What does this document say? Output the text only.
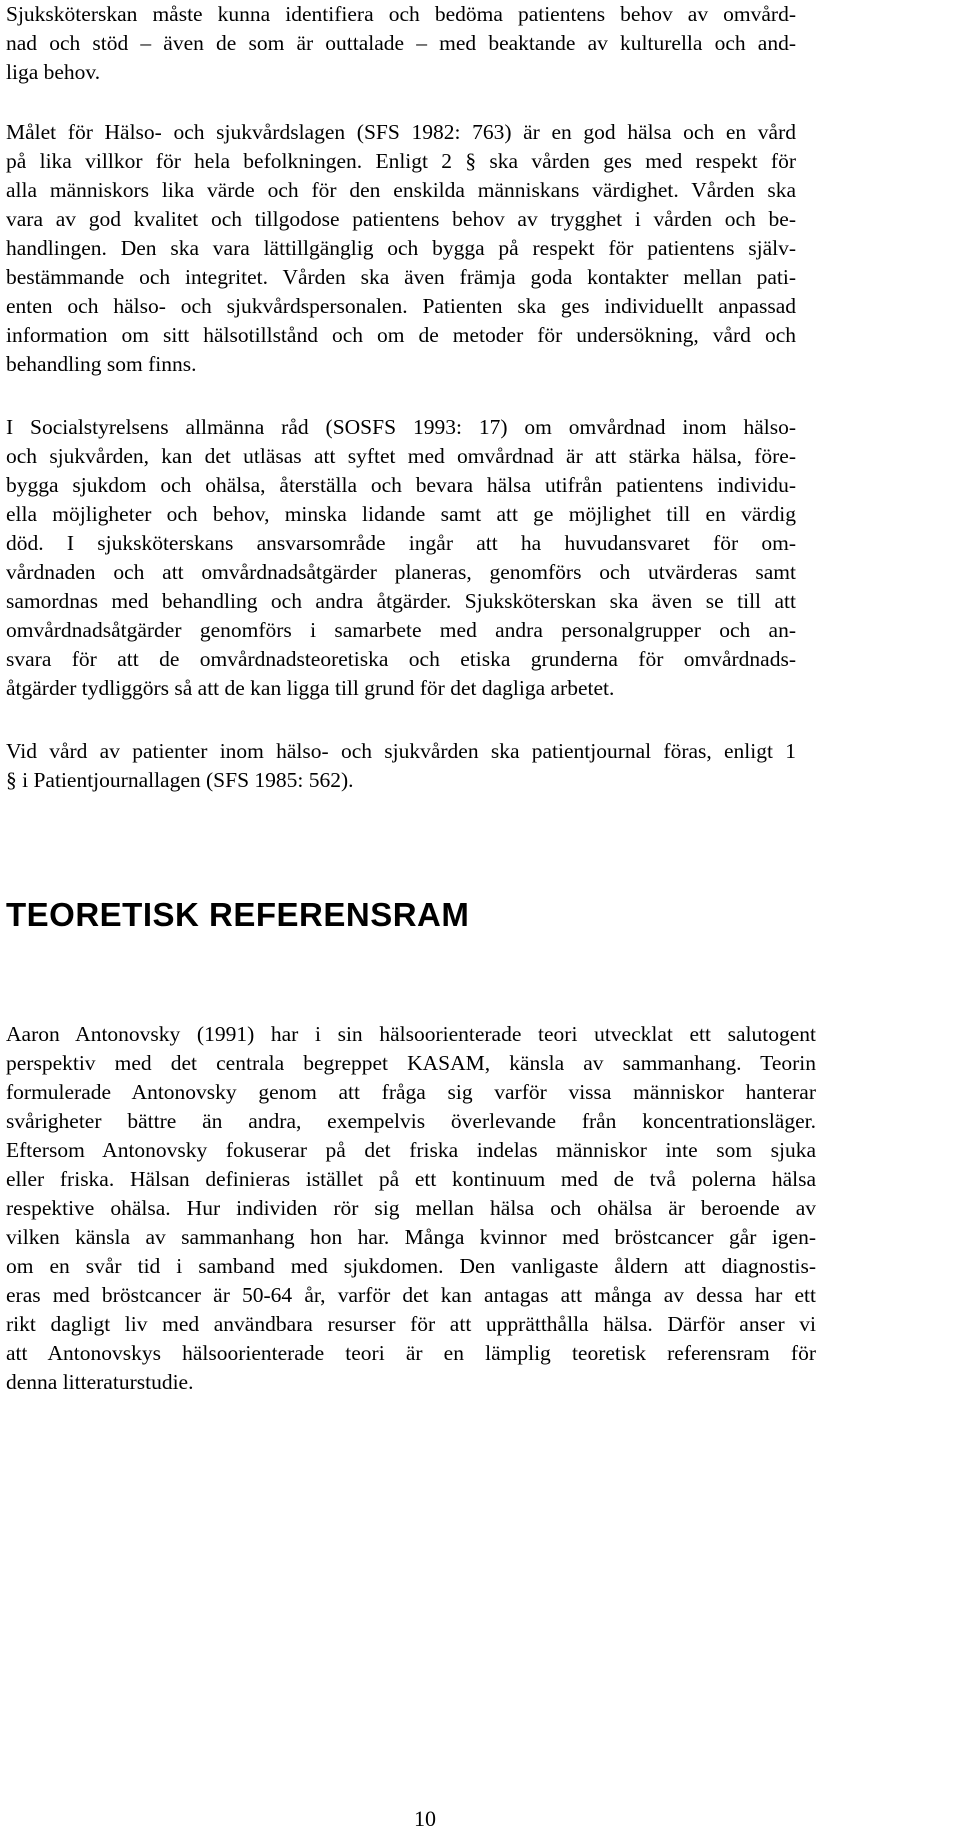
Sjuksköterskan måste kunna identifiera och bedöma patientens behov av omvård-
nad och stöd – även de som är outtalade – med beaktande av kulturella och and-
liga behov.

Målet för Hälso- och sjukvårdslagen (SFS 1982: 763) är en god hälsa och en vård
på lika villkor för hela befolkningen. Enligt 2 § ska vården ges med respekt för
alla människors lika värde och för den enskilda människans värdighet. Vården ska
vara av god kvalitet och tillgodose patientens behov av trygghet i vården och be-
handlingen. Den ska vara lättillgänglig och bygga på respekt för patientens själv-
bestämmande och integritet. Vården ska även främja goda kontakter mellan pati-
enten och hälso- och sjukvårdspersonalen. Patienten ska ges individuellt anpassad
information om sitt hälsotillstånd och om de metoder för undersökning, vård och
behandling som finns.

I Socialstyrelsens allmänna råd (SOSFS 1993: 17) om omvårdnad inom hälso-
och sjukvården, kan det utläsas att syftet med omvårdnad är att stärka hälsa, före-
bygga sjukdom och ohälsa, återställa och bevara hälsa utifrån patientens individu-
ella möjligheter och behov, minska lidande samt att ge möjlighet till en värdig
död. I sjuksköterskans ansvarsområde ingår att ha huvudansvaret för om-
vårdnaden och att omvårdnadsåtgärder planeras, genomförs och utvärderas samt
samordnas med behandling och andra åtgärder. Sjuksköterskan ska även se till att
omvårdnadsåtgärder genomförs i samarbete med andra personalgrupper och an-
svara för att de omvårdnadsteoretiska och etiska grunderna för omvårdnads-
åtgärder tydliggörs så att de kan ligga till grund för det dagliga arbetet.

Vid vård av patienter inom hälso- och sjukvården ska patientjournal föras, enligt 1
§ i Patientjournallagen (SFS 1985: 562).

TEORETISK REFERENSRAM

Aaron Antonovsky (1991) har i sin hälsoorienterade teori utvecklat ett salutogent
perspektiv med det centrala begreppet KASAM, känsla av sammanhang. Teorin
formulerade Antonovsky genom att fråga sig varför vissa människor hanterar
svårigheter bättre än andra, exempelvis överlevande från koncentrationsläger.
Eftersom Antonovsky fokuserar på det friska indelas människor inte som sjuka
eller friska. Hälsan definieras istället på ett kontinuum med de två polerna hälsa
respektive ohälsa. Hur individen rör sig mellan hälsa och ohälsa är beroende av
vilken känsla av sammanhang hon har. Många kvinnor med bröstcancer går igen-
om en svår tid i samband med sjukdomen. Den vanligaste åldern att diagnostis-
eras med bröstcancer är 50-64 år, varför det kan antagas att många av dessa har ett
rikt dagligt liv med användbara resurser för att upprätthålla hälsa. Därför anser vi
att Antonovskys hälsoorienterade teori är en lämplig teoretisk referensram för
denna litteraturstudie.

10
